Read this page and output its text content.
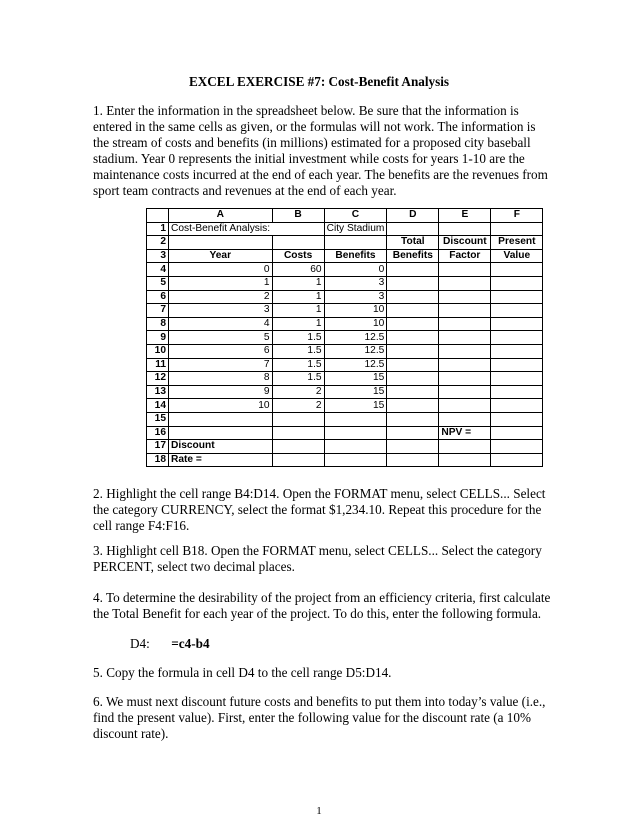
EXCEL EXERCISE #7: Cost-Benefit Analysis
1. Enter the information in the spreadsheet below. Be sure that the information is entered in the same cells as given, or the formulas will not work. The information is the stream of costs and benefits (in millions) estimated for a proposed city baseball stadium. Year 0 represents the initial investment while costs for years 1-10 are the maintenance costs incurred at the end of each year. The benefits are the revenues from sport team contracts and revenues at the end of each year.
	A	B	C	D	E	F
1	Cost-Benefit Analysis:		City Stadium			
2				Total	Discount	Present
3	Year	Costs	Benefits	Benefits	Factor	Value
4	0	60	0			
5	1	1	3			
6	2	1	3			
7	3	1	10			
8	4	1	10			
9	5	1.5	12.5			
10	6	1.5	12.5			
11	7	1.5	12.5			
12	8	1.5	15			
13	9	2	15			
14	10	2	15			
15						
16					NPV =	
17	Discount					
18	Rate =					
2. Highlight the cell range B4:D14. Open the FORMAT menu, select CELLS... Select the category CURRENCY, select the format $1,234.10. Repeat this procedure for the cell range F4:F16.
3. Highlight cell B18. Open the FORMAT menu, select CELLS... Select the category PERCENT, select two decimal places.
4. To determine the desirability of the project from an efficiency criteria, first calculate the Total Benefit for each year of the project. To do this, enter the following formula.
D4: =c4-b4
5. Copy the formula in cell D4 to the cell range D5:D14.
6. We must next discount future costs and benefits to put them into today’s value (i.e., find the present value). First, enter the following value for the discount rate (a 10% discount rate).
1
